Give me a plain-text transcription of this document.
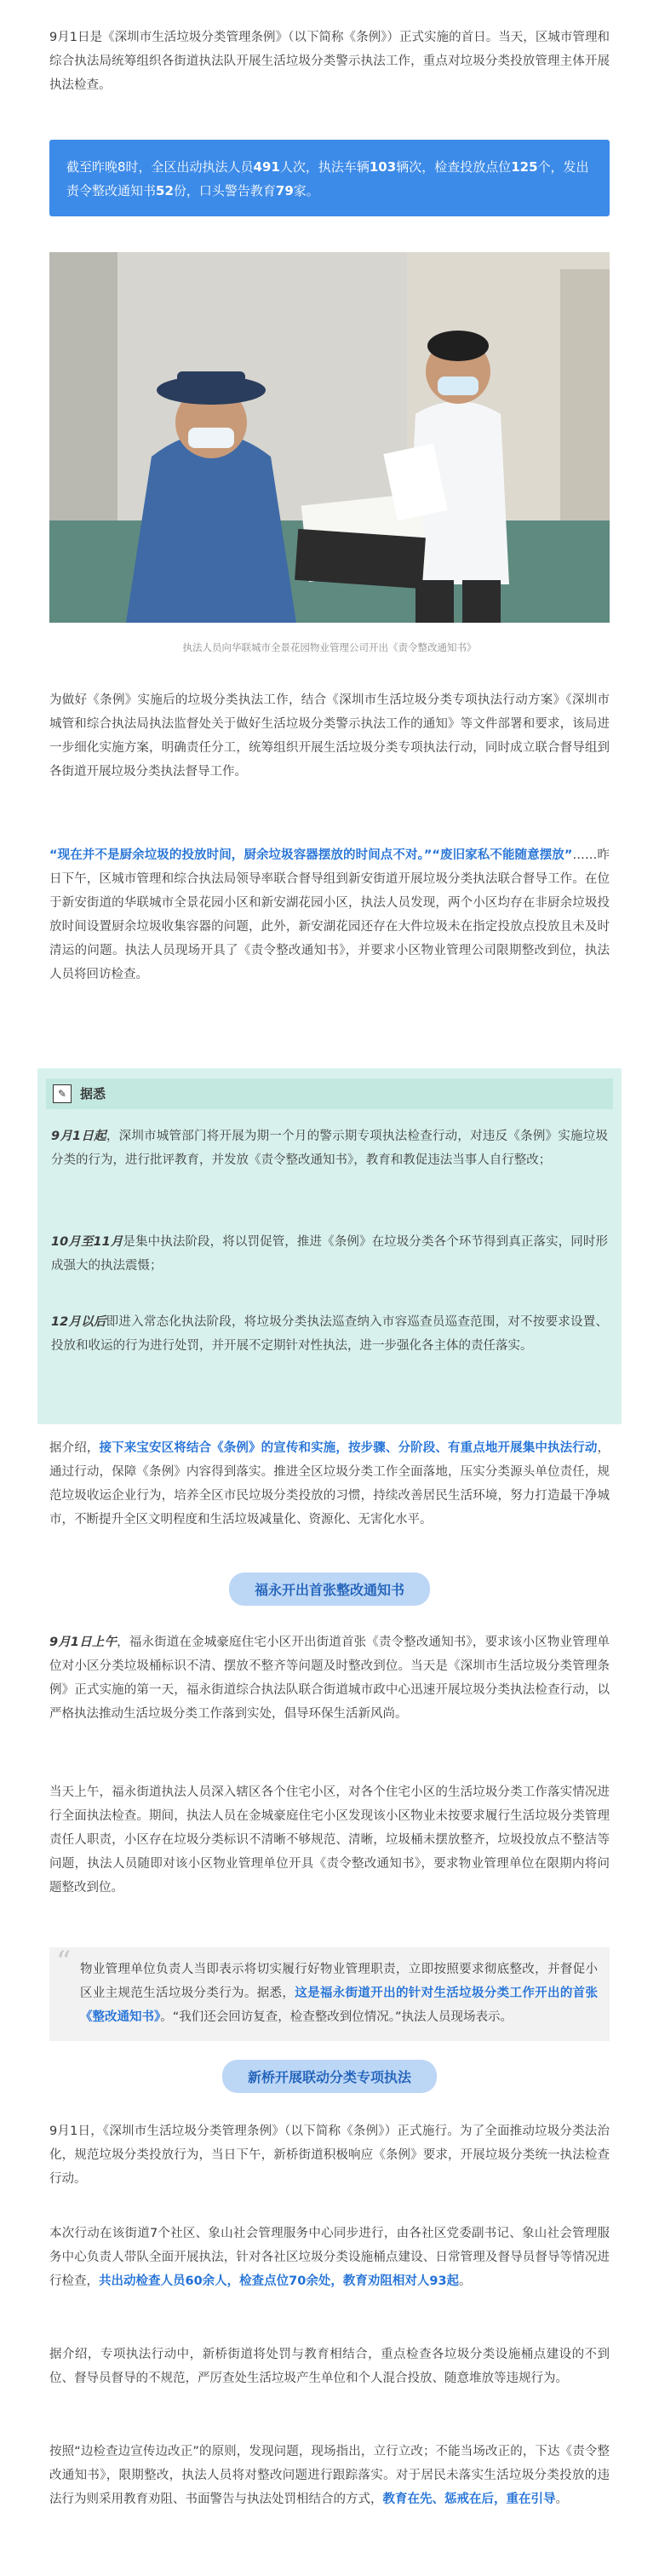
9月1日是《深圳市生活垃圾分类管理条例》（以下简称《条例》）正式实施的首日。当天，区城市管理和综合执法局统筹组织各街道执法队开展生活垃圾分类警示执法工作，重点对垃圾分类投放管理主体开展执法检查。

截至昨晚8时，全区出动执法人员491人次，执法车辆103辆次，检查投放点位125个，发出责令整改通知书52份，口头警告教育79家。

执法人员向华联城市全景花园物业管理公司开出《责令整改通知书》

为做好《条例》实施后的垃圾分类执法工作，结合《深圳市生活垃圾分类专项执法行动方案》《深圳市城管和综合执法局执法监督处关于做好生活垃圾分类警示执法工作的通知》等文件部署和要求，该局进一步细化实施方案，明确责任分工，统筹组织开展生活垃圾分类专项执法行动，同时成立联合督导组到各街道开展垃圾分类执法督导工作。

“现在并不是厨余垃圾的投放时间，厨余垃圾容器摆放的时间点不对。”“废旧家私不能随意摆放”……昨日下午，区城市管理和综合执法局领导率联合督导组到新安街道开展垃圾分类执法联合督导工作。在位于新安街道的华联城市全景花园小区和新安湖花园小区，执法人员发现，两个小区均存在非厨余垃圾投放时间设置厨余垃圾收集容器的问题，此外，新安湖花园还存在大件垃圾未在指定投放点投放且未及时清运的问题。执法人员现场开具了《责令整改通知书》，并要求小区物业管理公司限期整改到位，执法人员将回访检查。

✎	据悉

9月1日起，深圳市城管部门将开展为期一个月的警示期专项执法检查行动，对违反《条例》实施垃圾分类的行为，进行批评教育，并发放《责令整改通知书》，教育和教促违法当事人自行整改；

10月至11月是集中执法阶段，将以罚促管，推进《条例》在垃圾分类各个环节得到真正落实，同时形成强大的执法震慑；

12月以后即进入常态化执法阶段，将垃圾分类执法巡查纳入市容巡查员巡查范围，对不按要求设置、投放和收运的行为进行处罚，并开展不定期针对性执法，进一步强化各主体的责任落实。

据介绍，接下来宝安区将结合《条例》的宣传和实施，按步骤、分阶段、有重点地开展集中执法行动，通过行动，保障《条例》内容得到落实。推进全区垃圾分类工作全面落地，压实分类源头单位责任，规范垃圾收运企业行为，培养全区市民垃圾分类投放的习惯，持续改善居民生活环境，努力打造最干净城市，不断提升全区文明程度和生活垃圾减量化、资源化、无害化水平。

福永开出首张整改通知书

9月1日上午，福永街道在金城豪庭住宅小区开出街道首张《责令整改通知书》，要求该小区物业管理单位对小区分类垃圾桶标识不清、摆放不整齐等问题及时整改到位。当天是《深圳市生活垃圾分类管理条例》正式实施的第一天，福永街道综合执法队联合街道城市政中心迅速开展垃圾分类执法检查行动，以严格执法推动生活垃圾分类工作落到实处，倡导环保生活新风尚。

当天上午，福永街道执法人员深入辖区各个住宅小区，对各个住宅小区的生活垃圾分类工作落实情况进行全面执法检查。期间，执法人员在金城豪庭住宅小区发现该小区物业未按要求履行生活垃圾分类管理责任人职责，小区存在垃圾分类标识不清晰不够规范、清晰，垃圾桶未摆放整齐，垃圾投放点不整洁等问题，执法人员随即对该小区物业管理单位开具《责令整改通知书》，要求物业管理单位在限期内将问题整改到位。

“ 物业管理单位负责人当即表示将切实履行好物业管理职责，立即按照要求彻底整改，并督促小区业主规范生活垃圾分类行为。据悉，这是福永街道开出的针对生活垃圾分类工作开出的首张《整改通知书》。“我们还会回访复查，检查整改到位情况。”执法人员现场表示。

新桥开展联动分类专项执法

9月1日，《深圳市生活垃圾分类管理条例》（以下简称《条例》）正式施行。为了全面推动垃圾分类法治化，规范垃圾分类投放行为，当日下午，新桥街道积极响应《条例》要求，开展垃圾分类统一执法检查行动。

本次行动在该街道7个社区、象山社会管理服务中心同步进行，由各社区党委副书记、象山社会管理服务中心负责人带队全面开展执法，针对各社区垃圾分类设施桶点建设、日常管理及督导员督导等情况进行检查，共出动检查人员60余人，检查点位70余处，教育劝阻相对人93起。

据介绍，专项执法行动中，新桥街道将处罚与教育相结合，重点检查各垃圾分类设施桶点建设的不到位、督导员督导的不规范，严厉查处生活垃圾产生单位和个人混合投放、随意堆放等违规行为。

按照“边检查边宣传边改正”的原则，发现问题，现场指出，立行立改；不能当场改正的，下达《责令整改通知书》，限期整改，执法人员将对整改问题进行跟踪落实。对于居民未落实生活垃圾分类投放的违法行为则采用教育劝阻、书面警告与执法处罚相结合的方式，教育在先、惩戒在后，重在引导。
